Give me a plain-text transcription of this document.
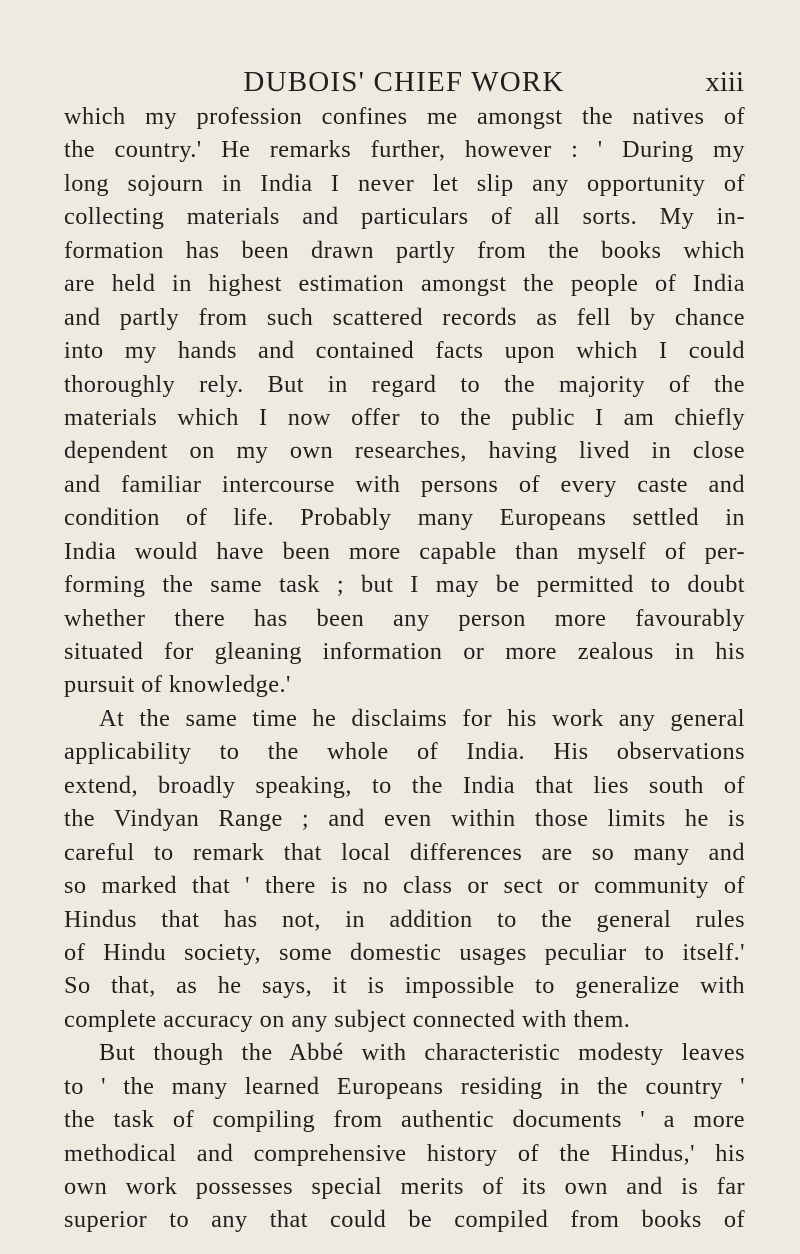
DUBOIS' CHIEF WORK	xiii
which my profession confines me amongst the natives of
the country.' He remarks further, however : ' During my
long sojourn in India I never let slip any opportunity of
collecting materials and particulars of all sorts. My in-
formation has been drawn partly from the books which
are held in highest estimation amongst the people of India
and partly from such scattered records as fell by chance
into my hands and contained facts upon which I could
thoroughly rely. But in regard to the majority of the
materials which I now offer to the public I am chiefly
dependent on my own researches, having lived in close
and familiar intercourse with persons of every caste and
condition of life. Probably many Europeans settled in
India would have been more capable than myself of per-
forming the same task ; but I may be permitted to doubt
whether there has been any person more favourably
situated for gleaning information or more zealous in his
pursuit of knowledge.'
At the same time he disclaims for his work any general
applicability to the whole of India. His observations
extend, broadly speaking, to the India that lies south of
the Vindyan Range ; and even within those limits he is
careful to remark that local differences are so many and
so marked that ' there is no class or sect or community of
Hindus that has not, in addition to the general rules
of Hindu society, some domestic usages peculiar to itself.'
So that, as he says, it is impossible to generalize with
complete accuracy on any subject connected with them.
But though the Abbé with characteristic modesty leaves
to ' the many learned Europeans residing in the country '
the task of compiling from authentic documents ' a more
methodical and comprehensive history of the Hindus,' his
own work possesses special merits of its own and is far
superior to any that could be compiled from books of
